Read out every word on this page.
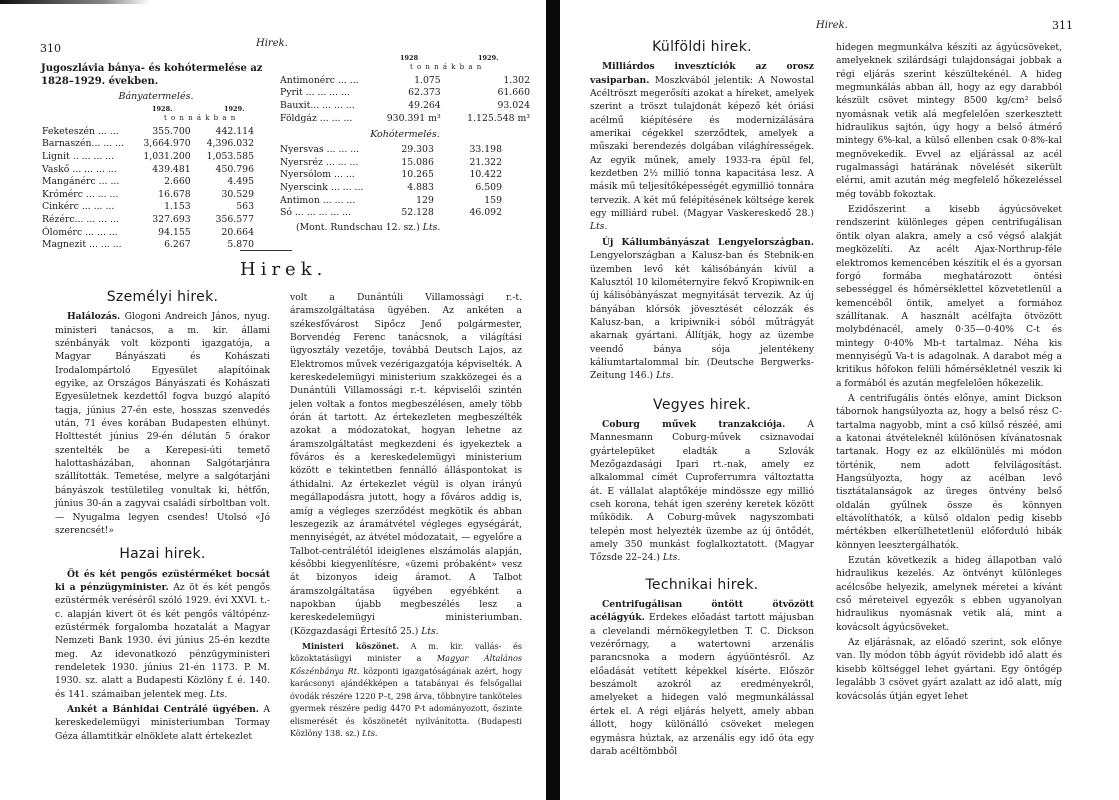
310	Hirek.
Jugoszlávia bánya- és kohótermelése az 1828–1929. években.
Bányatermelés.
1928.	1929.
tonnákban
Feketeszén ... ...	355.700	442.114
Barnaszén... ... ...	3,664.970	4,396.032
Lignit .. ... ... ...	1,031.200	1,053.585
Vaskő ... ... ... ...	439.481	450.796
Mangánérc ... ...	2.660	4.495
Krómérc ... ... ...	16.678	30.529
Cinkérc ... ... ...	1.153	563
Rézérc... ... ... ...	327.693	356.577
Ólomérc ... ... ...	94.155	20.664
Magnezit ... ... ...	6.267	5.870
1928	1929.
tonnákban
Antimonérc ... ...	1.075	1.302
Pyrit ... ... ... ...	62.373	61.660
Bauxit... ... ... ...	49.264	93.024
Földgáz ... ... ...	930.391 m³	1.125.548 m³
Kohótermelés.
Nyersvas ... ... ...	29.303	33.198
Nyersréz ... ... ...	15.086	21.322
Nyersólom ... ...	10.265	10.422
Nyerscink ... ... ...	4.883	6.509
Antimon ... ... ...	129	159
Só ... ... ... ... ...	52.128	46.092
(Mont. Rundschau 12. sz.) Lts.
Hirek.
Személyi hirek.

Halálozás. Glogoni Andreich János, nyug. ministeri tanácsos, a m. kir. állami szénbányák volt központi igazgatója, a Magyar Bányászati és Kohászati Irodalompártoló Egyesület alapítóinak egyike, az Országos Bányászati és Kohászati Egyesületnek kezdettől fogva buzgó alapító tagja, június 27-én este, hosszas szenvedés után, 71 éves korában Budapesten elhúnyt. Holttestét június 29-én délután 5 órakor szentelték be a Kerepesi-úti temető halottasházában, ahonnan Salgótarjánra szállították. Temetése, melyre a salgótarjáni bányászok testületileg vonultak ki, hétfőn, június 30-án a zagyvai családi sírboltban volt. — Nyugalma legyen csendes! Utolsó «Jó szerencsét!»

Hazai hirek.

Öt és két pengős ezüstérméket bocsát ki a pénzügyminister. Az öt és két pengős ezüstérmék veréséről szóló 1929. évi XXVI. t.-c. alapján kivert öt és két pengős váltópénz-ezüstérmék forgalomba hozatalát a Magyar Nemzeti Bank 1930. évi június 25-én kezdte meg. Az idevonatkozó pénzügyministeri rendeletek 1930. június 21-én 1173. P. M. 1930. sz. alatt a Budapesti Közlöny f. é. 140. és 141. számaiban jelentek meg. Lts.

Ankét a Bánhidai Centrálé ügyében. A kereskedelemügyi ministeriumban Tormay Géza államtitkár elnöklete alatt értekezlet

volt a Dunántúli Villamossági r.-t. áramszolgáltatása ügyében. Az ankéten a székesfővárost Sipőcz Jenő polgármester, Borvendég Ferenc tanácsnok, a világítási ügyosztály vezetője, továbbá Deutsch Lajos, az Elektromos művek vezérigazgatója képviselték. A kereskedelemügyi ministerium szakközegei és a Dunántúli Villamossági r.-t. képviselői szintén jelen voltak a fontos megbeszélésen, amely több órán át tartott. Az értekezleten megbeszélték azokat a módozatokat, hogyan lehetne az áramszolgáltatást megkezdeni és igyekeztek a főváros és a kereskedelemügyi ministerium között e tekintetben fennálló álláspontokat is áthidalni. Az értekezlet végül is olyan irányú megállapodásra jutott, hogy a főváros addig is, amíg a végleges szerződést megkötik és abban leszegezik az áramátvétel végleges egységárát, mennyiségét, az átvétel módozatait, — egyelőre a Talbot-centrálétól ideiglenes elszámolás alapján, későbbi kiegyenlítésre, «üzemi próbaként» vesz át bizonyos ideig áramot. A Talbot áramszolgáltatása ügyében egyébként a napokban újabb megbeszélés lesz a kereskedelemügyi ministeriumban. (Közgazdasági Értesítő 25.) Lts.

Ministeri köszönet. A m. kir. vallás- és közoktatásügyi minister a Magyar Általános Kőszénbánya Rt. központi igazgatóságának azért, hogy karácsonyi ajándékképen a tatabányai és felsőgallai óvodák részére 1220 P–t, 298 árva, többnyire tanköteles gyermek részére pedig 4470 P-t adományozott, őszinte elismerését és köszönetét nyilvánította. (Budapesti Közlöny 138. sz.) Lts.

Hirek.	311
Külföldi hirek.

Milliárdos invesztíciók az orosz vasiparban. Moszkvából jelentik: A Nowostal Acéltröszt megerősíti azokat a híreket, amelyek szerint a tröszt tulajdonát képező két óriási acélmű kiépítésére és modernizálására amerikai cégekkel szerződtek, amelyek a műszaki berendezés dolgában világhírességek. Az egyik műnek, amely 1933-ra épül fel, kezdetben 2½ millió tonna kapacitása lesz. A másik mű teljesítőképességét egymillió tonnára tervezik. A két mű felépítésének költsége kerek egy milliárd rubel. (Magyar Vaskereskedő 28.) Lts.

Új Káliumbányászat Lengyelországban. Lengyelországban a Kalusz-ban és Stebnik-en üzemben levő két kálisóbányán kívül a Kalusztól 10 kilométernyire fekvő Kropiwnik-en új kálisóbányászat megnyitását tervezik. Az új bányában klórsók jövesztését célozzák és Kalusz-ban, a kripiwnik-i sóból műtrágyát akarnak gyártani. Állítják, hogy az üzembe veendő bánya sója jelentékeny káliumtartalommal bír. (Deutsche Bergwerks-Zeitung 146.) Lts.

Vegyes hirek.

Coburg művek tranzakciója. A Mannesmann Coburg-művek csiznavodai gyártelepüket eladták a Szlovák Mezőgazdasági Ipari rt.-nak, amely ez alkalommal címét Cuproferrumra változtatta át. E vállalat alaptőkéje mindössze egy millió cseh korona, tehát igen szerény keretek között működik. A Coburg-művek nagyszombati telepén most helyezték üzembe az új öntődét, amely 350 munkást foglalkoztatott. (Magyar Tőzsde 22–24.) Lts.

Technikai hirek.

Centrifugálisan öntött ötvözött acélágyúk. Erdekes előadást tartott májusban a clevelandi mérnökegyletben T. C. Dickson vezérőrnagy, a watertowni arzenális parancsnoka a modern ágyúöntésről. Az előadását vetített képekkel kísérte. Először beszámolt azokról az eredményekről, amelyeket a hidegen való megmunkálással értek el. A régi eljárás helyett, amely abban állott, hogy különálló csöveket melegen egymásra húztak, az arzenális egy idő óta egy darab acéltömbből

hidegen megmunkálva készíti az ágyúcsöveket, amelyeknek szilárdsági tulajdonságai jobbak a régi eljárás szerint készültekénél. A hideg megmunkálás abban áll, hogy az egy darabból készült csövet mintegy 8500 kg/cm² belső nyomásnak vetik alá megfelelően szerkesztett hidraulikus sajtón, úgy hogy a belső átmérő mintegy 6%-kal, a külső ellenben csak 0·8%-kal megnövekedik. Evvel az eljárással az acél rugalmassági határának növelését sikerült elérni, amit azután még megfelelő hőkezeléssel még tovább fokoztak.

Ezidőszerint a kisebb ágyúcsöveket rendszerint különleges gépen centrifugálisan öntik olyan alakra, amely a cső végső alakját megközelíti. Az acélt Ajax-Northrup-féle elektromos kemencében készítik el és a gyorsan forgó formába meghatározott öntési sebességgel és hőmérséklettel közvetetlenül a kemencéből öntik, amelyet a formához szállítanak. A használt acélfajta ötvözött molybdénacél, amely 0·35—0·40% C-t és mintegy 0·40% Mb-t tartalmaz. Néha kis mennyiségű Va-t is adagolnak. A darabot még a kritikus hőfokon felüli hőmérsékletnél veszik ki a formából és azután megfelelően hőkezelik.

A centrifugális öntés előnye, amint Dickson tábornok hangsúlyozta az, hogy a belső rész C-tartalma nagyobb, mint a cső külső részéé, ami a katonai átvételeknél különösen kívánatosnak tartanak. Hogy ez az elkülönülés mi módon történik, nem adott felvilágosítást. Hangsúlyozta, hogy az acélban levő tisztátalanságok az üreges öntvény belső oldalán gyűlnek össze és könnyen eltávolíthatók, a külső oldalon pedig kisebb mértékben elkerülhetetlenül előforduló hibák könnyen leesztergálhatók.

Ezután következik a hideg állapotban való hidraulikus kezelés. Az öntvényt különleges acélcsőbe helyezik, amelynek méretei a kívánt cső méreteivel egyezők s ebben ugyanolyan hidraulikus nyomásnak vetik alá, mint a kovácsolt ágyúcsöveket.

Az eljárásnak, az előadó szerint, sok előnye van. Ily módon több ágyút rövidebb idő alatt és kisebb költséggel lehet gyártani. Egy öntőgép legalább 3 csövet gyárt azalatt az idő alatt, míg kovácsolás útján egyet lehet
